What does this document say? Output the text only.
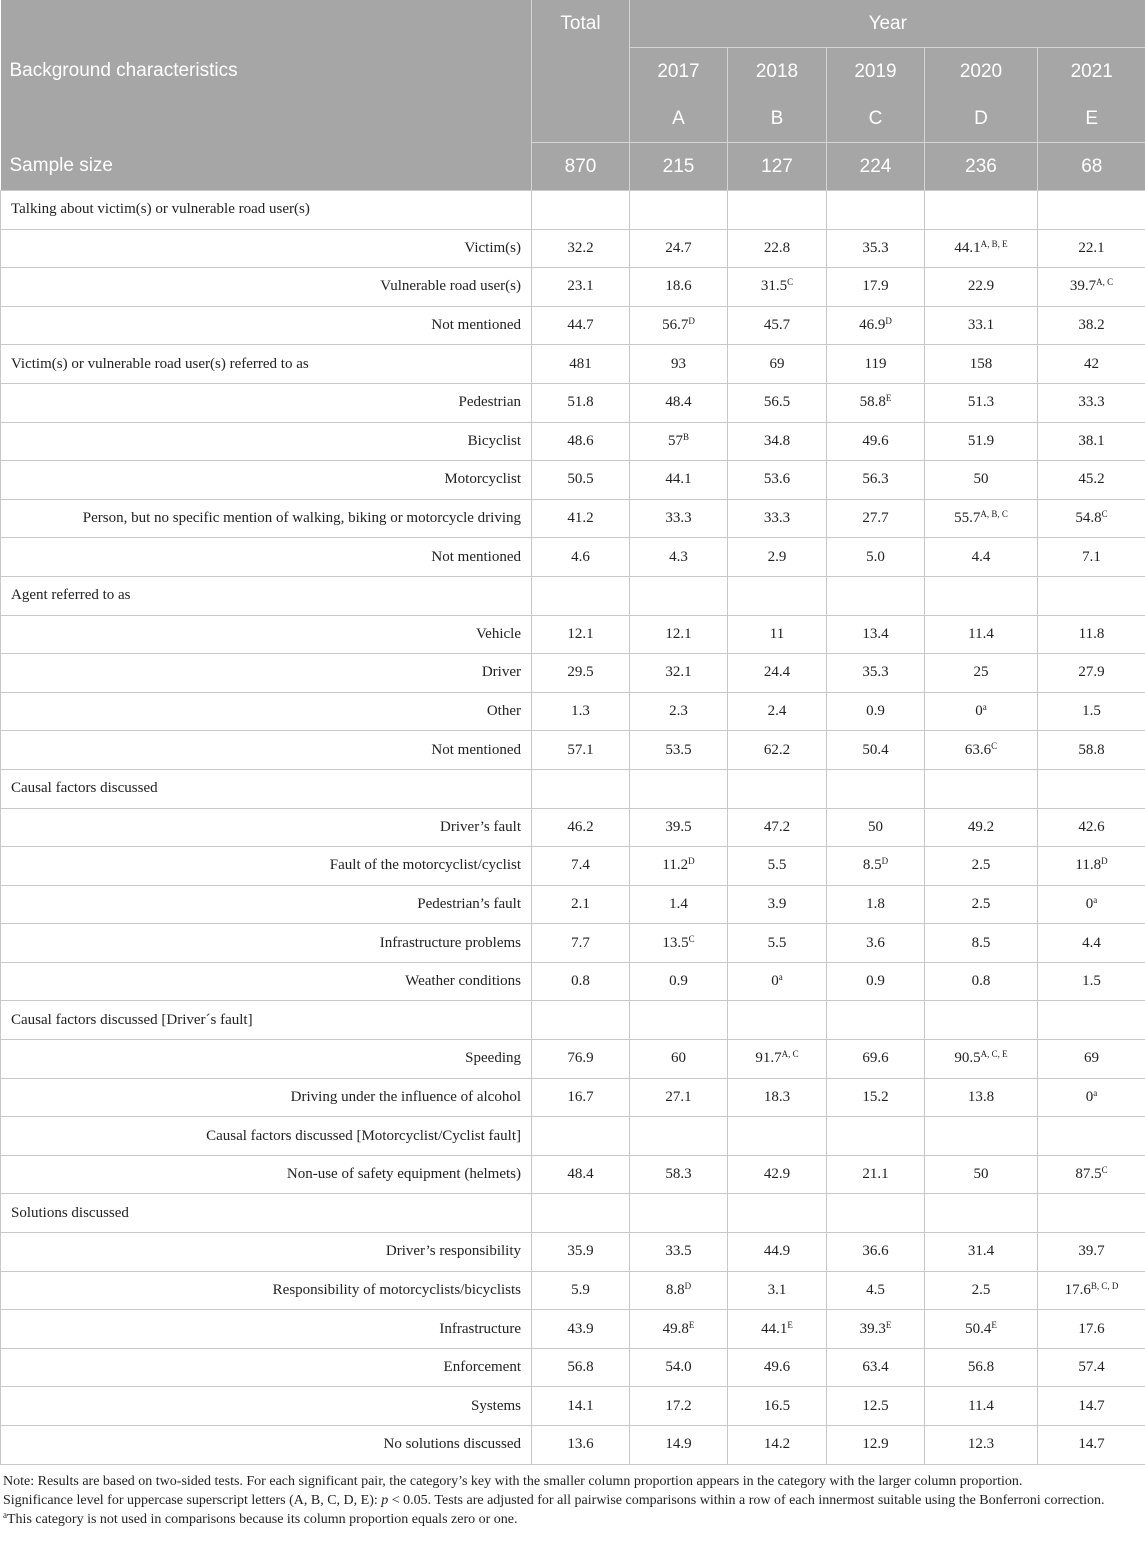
	Total	Year				
Background characteristics		2017	2018	2019	2020	2021
		A	B	C	D	E
Sample size	870	215	127	224	236	68
Talking about victim(s) or vulnerable road user(s)						
Victim(s)	32.2	24.7	22.8	35.3	$44.1^{A, B, E}$	22.1
Vulnerable road user(s)	23.1	18.6	$31.5^C$	17.9	22.9	$39.7^{A, C}$
Not mentioned	44.7	$56.7^D$	45.7	$46.9^D$	33.1	38.2
Victim(s) or vulnerable road user(s) referred to as	481	93	69	119	158	42
Pedestrian	51.8	48.4	56.5	$58.8^E$	51.3	33.3
Bicyclist	48.6	$57^B$	34.8	49.6	51.9	38.1
Motorcyclist	50.5	44.1	53.6	56.3	50	45.2
Person, but no specific mention of walking, biking or motorcycle driving	41.2	33.3	33.3	27.7	$55.7^{A, B, C}$	$54.8^C$
Not mentioned	4.6	4.3	2.9	5.0	4.4	7.1
Agent referred to as						
Vehicle	12.1	12.1	11	13.4	11.4	11.8
Driver	29.5	32.1	24.4	35.3	25	27.9
Other	1.3	2.3	2.4	0.9	0$^a$	1.5
Not mentioned	57.1	53.5	62.2	50.4	$63.6^C$	58.8
Causal factors discussed						
Driver’s fault	46.2	39.5	47.2	50	49.2	42.6
Fault of the motorcyclist/cyclist	7.4	$11.2^D$	5.5	$8.5^D$	2.5	$11.8^D$
Pedestrian’s fault	2.1	1.4	3.9	1.8	2.5	0$^a$
Infrastructure problems	7.7	$13.5^C$	5.5	3.6	8.5	4.4
Weather conditions	0.8	0.9	0$^a$	0.9	0.8	1.5
Causal factors discussed [Driver´s fault]						
Speeding	76.9	60	$91.7^{A, C}$	69.6	$90.5^{A, C, E}$	69
Driving under the influence of alcohol	16.7	27.1	18.3	15.2	13.8	0$^a$
Causal factors discussed [Motorcyclist/Cyclist fault]						
Non-use of safety equipment (helmets)	48.4	58.3	42.9	21.1	50	$87.5^C$
Solutions discussed						
Driver’s responsibility	35.9	33.5	44.9	36.6	31.4	39.7
Responsibility of motorcyclists/bicyclists	5.9	$8.8^D$	3.1	4.5	2.5	$17.6^{B, C, D}$
Infrastructure	43.9	$49.8^E$	$44.1^E$	$39.3^E$	$50.4^E$	17.6
Enforcement	56.8	54.0	49.6	63.4	56.8	57.4
Systems	14.1	17.2	16.5	12.5	11.4	14.7
No solutions discussed	13.6	14.9	14.2	12.9	12.3	14.7

Note: Results are based on two-sided tests. For each significant pair, the category’s key with the smaller column proportion appears in the category with the larger column proportion.

Significance level for uppercase superscript letters (A, B, C, D, E): p < 0.05. Tests are adjusted for all pairwise comparisons within a row of each innermost suitable using the Bonferroni correction.

$^a$This category is not used in comparisons because its column proportion equals zero or one.
